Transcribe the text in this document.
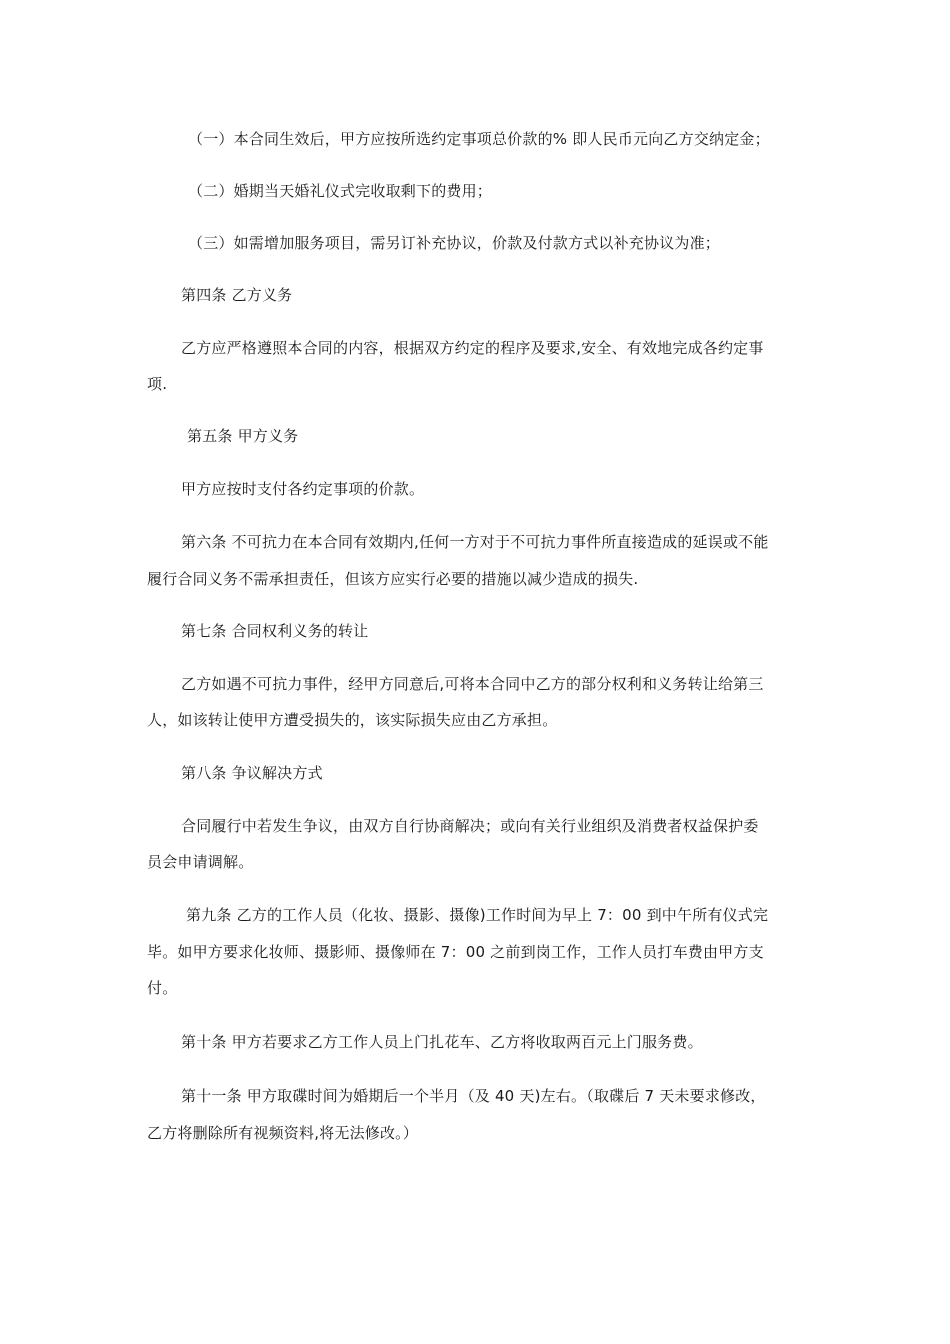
（一）本合同生效后，甲方应按所选约定事项总价款的% 即人民币元向乙方交纳定金；
（二）婚期当天婚礼仪式完收取剩下的费用；
（三）如需增加服务项目，需另订补充协议，价款及付款方式以补充协议为准；
第四条 乙方义务
乙方应严格遵照本合同的内容，根据双方约定的程序及要求,安全、有效地完成各约定事
项.
第五条 甲方义务
甲方应按时支付各约定事项的价款。
第六条 不可抗力在本合同有效期内,任何一方对于不可抗力事件所直接造成的延误或不能
履行合同义务不需承担责任，但该方应实行必要的措施以减少造成的损失.
第七条 合同权利义务的转让
乙方如遇不可抗力事件，经甲方同意后,可将本合同中乙方的部分权利和义务转让给第三
人，如该转让使甲方遭受损失的，该实际损失应由乙方承担。
第八条 争议解决方式
合同履行中若发生争议，由双方自行协商解决；或向有关行业组织及消费者权益保护委
员会申请调解。
第九条 乙方的工作人员（化妆、摄影、摄像)工作时间为早上 7：00 到中午所有仪式完
毕。如甲方要求化妆师、摄影师、摄像师在 7：00 之前到岗工作，工作人员打车费由甲方支
付。
第十条 甲方若要求乙方工作人员上门扎花车、乙方将收取两百元上门服务费。
第十一条 甲方取碟时间为婚期后一个半月（及 40 天)左右。（取碟后 7 天未要求修改，
乙方将删除所有视频资料,将无法修改。）
